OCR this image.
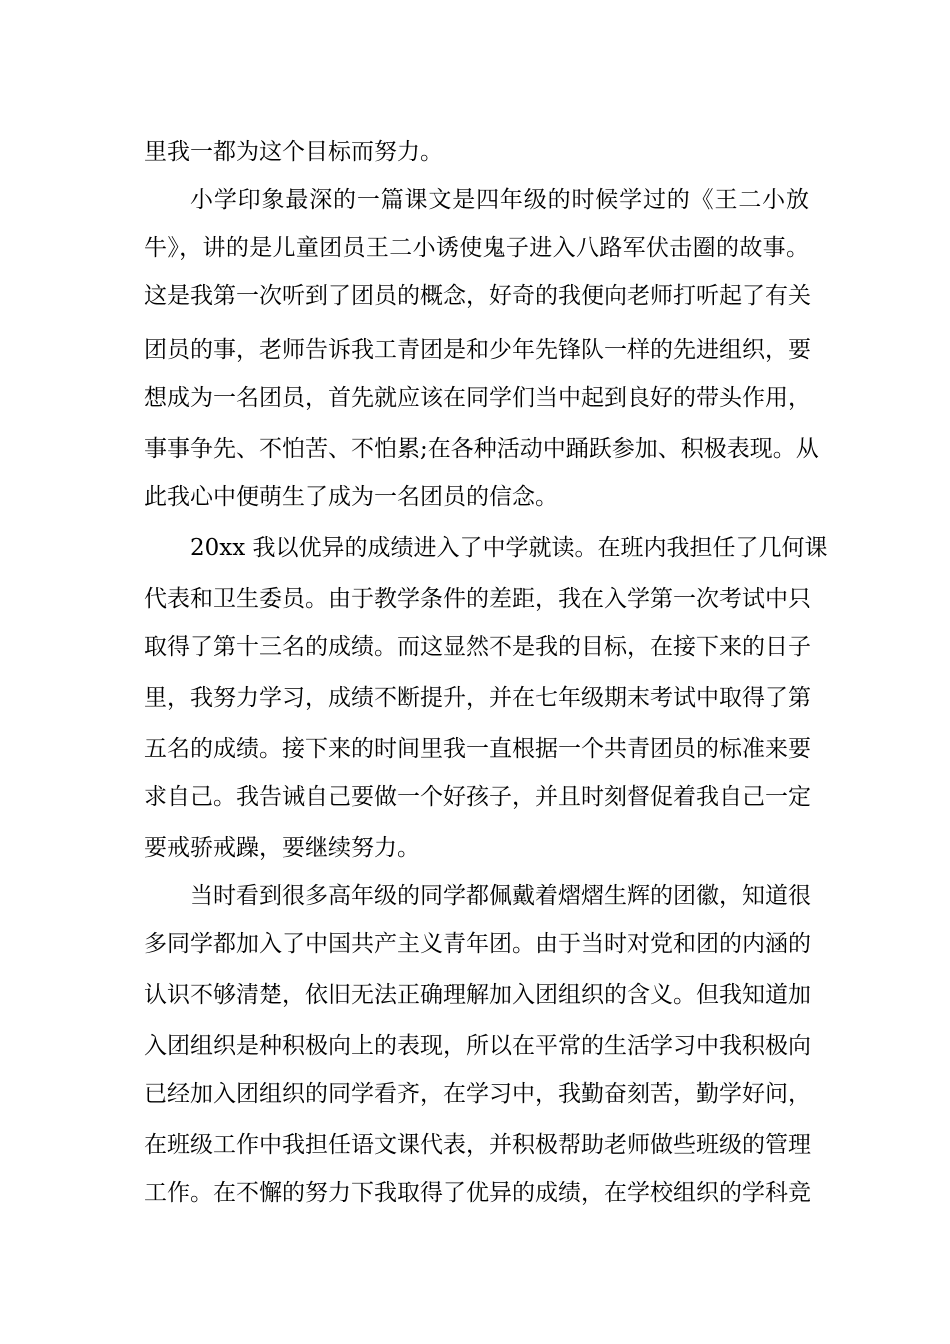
里我一都为这个目标而努力。
小学印象最深的一篇课文是四年级的时候学过的《王二小放
牛》，讲的是儿童团员王二小诱使鬼子进入八路军伏击圈的故事。
这是我第一次听到了团员的概念，好奇的我便向老师打听起了有关
团员的事，老师告诉我工青团是和少年先锋队一样的先进组织，要
想成为一名团员，首先就应该在同学们当中起到良好的带头作用，
事事争先、不怕苦、不怕累;在各种活动中踊跃参加、积极表现。从
此我心中便萌生了成为一名团员的信念。
20xx 我以优异的成绩进入了中学就读。在班内我担任了几何课
代表和卫生委员。由于教学条件的差距，我在入学第一次考试中只
取得了第十三名的成绩。而这显然不是我的目标，在接下来的日子
里，我努力学习，成绩不断提升，并在七年级期末考试中取得了第
五名的成绩。接下来的时间里我一直根据一个共青团员的标准来要
求自己。我告诫自己要做一个好孩子，并且时刻督促着我自己一定
要戒骄戒躁，要继续努力。
当时看到很多高年级的同学都佩戴着熠熠生辉的团徽，知道很
多同学都加入了中国共产主义青年团。由于当时对党和团的内涵的
认识不够清楚，依旧无法正确理解加入团组织的含义。但我知道加
入团组织是种积极向上的表现，所以在平常的生活学习中我积极向
已经加入团组织的同学看齐，在学习中，我勤奋刻苦，勤学好问，
在班级工作中我担任语文课代表，并积极帮助老师做些班级的管理
工作。在不懈的努力下我取得了优异的成绩，在学校组织的学科竞
